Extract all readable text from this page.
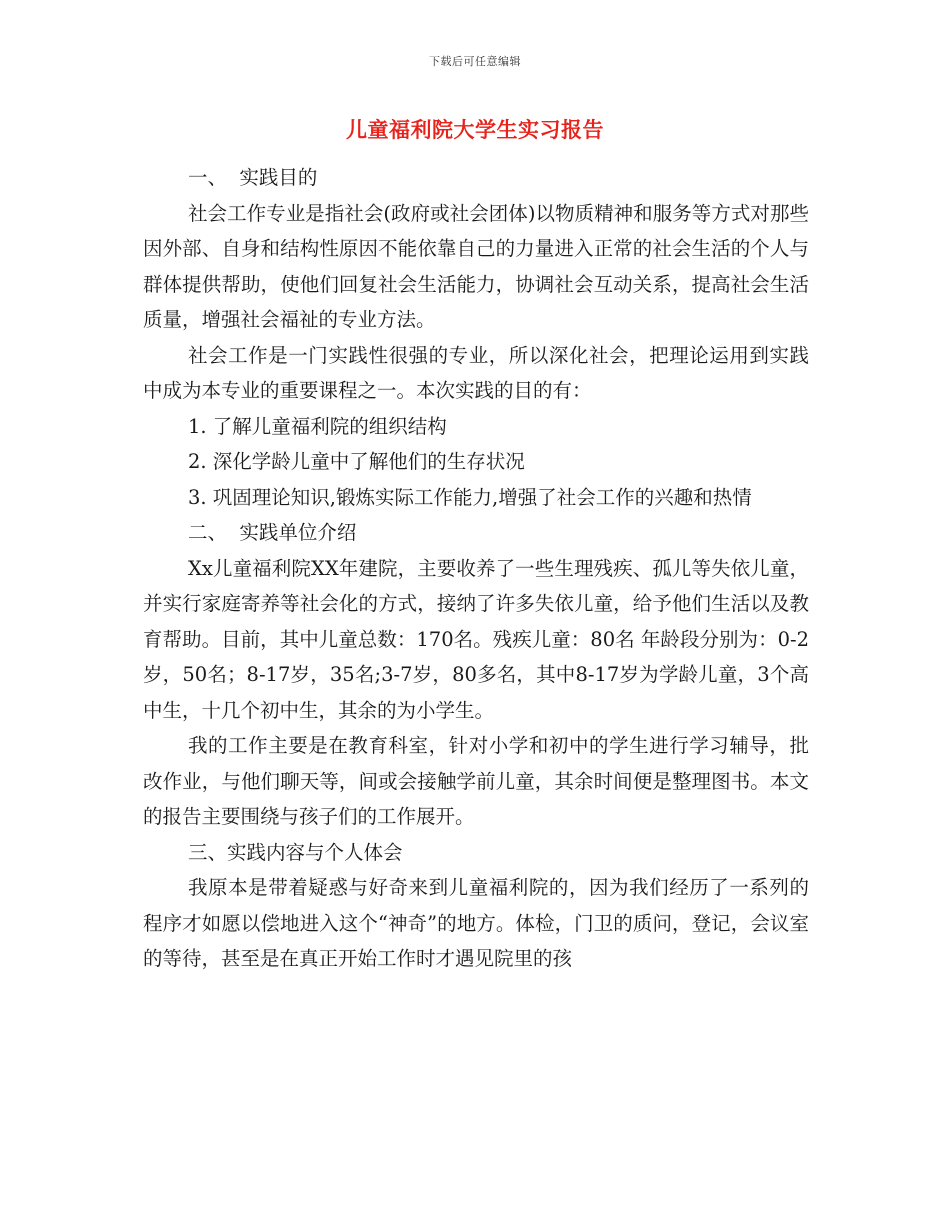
下载后可任意编辑
儿童福利院大学生实习报告

一、  实践目的

社会工作专业是指社会(政府或社会团体)以物质精神和服务等方式对那些因外部、自身和结构性原因不能依靠自己的力量进入正常的社会生活的个人与群体提供帮助，使他们回复社会生活能力，协调社会互动关系，提高社会生活质量，增强社会福祉的专业方法。

社会工作是一门实践性很强的专业，所以深化社会，把理论运用到实践中成为本专业的重要课程之一。本次实践的目的有：

1. 了解儿童福利院的组织结构

2. 深化学龄儿童中了解他们的生存状况

3. 巩固理论知识,锻炼实际工作能力,增强了社会工作的兴趣和热情

二、  实践单位介绍

Xx儿童福利院XX年建院，主要收养了一些生理残疾、孤儿等失依儿童，并实行家庭寄养等社会化的方式，接纳了许多失依儿童，给予他们生活以及教育帮助。目前，其中儿童总数：170名。残疾儿童：80名 年龄段分别为：0-2岁，50名；8-17岁，35名;3-7岁，80多名，其中8-17岁为学龄儿童，3个高中生，十几个初中生，其余的为小学生。

我的工作主要是在教育科室，针对小学和初中的学生进行学习辅导，批改作业，与他们聊天等，间或会接触学前儿童，其余时间便是整理图书。本文的报告主要围绕与孩子们的工作展开。

三、实践内容与个人体会

我原本是带着疑惑与好奇来到儿童福利院的，因为我们经历了一系列的程序才如愿以偿地进入这个“神奇”的地方。体检，门卫的质问，登记，会议室的等待，甚至是在真正开始工作时才遇见院里的孩
